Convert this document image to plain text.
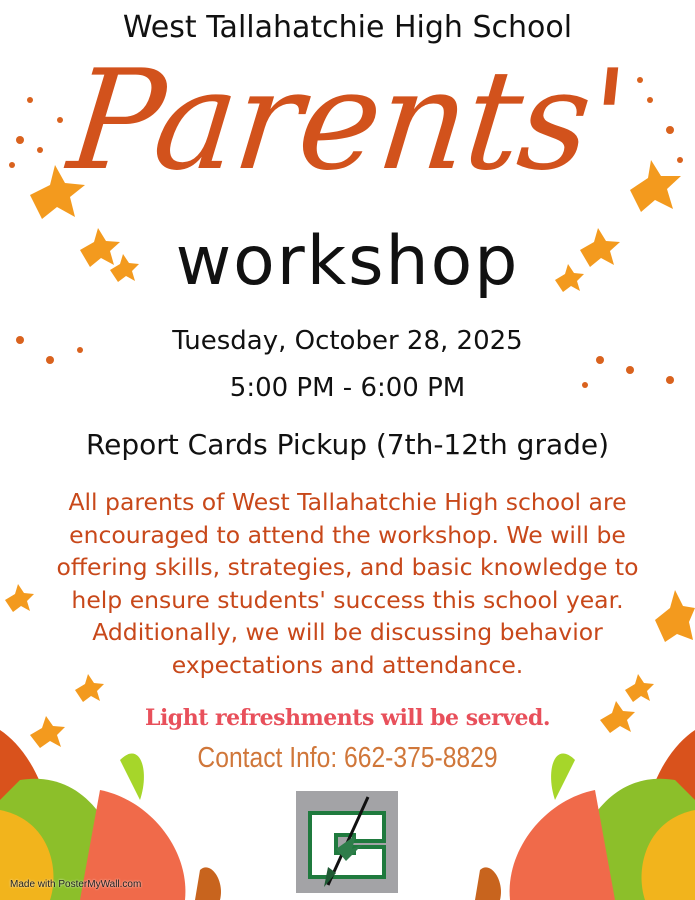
West Tallahatchie High School
Parents'
workshop
Tuesday, October 28, 2025
5:00 PM - 6:00 PM
Report Cards Pickup (7th-12th grade)
All parents of West Tallahatchie High school are
encouraged to attend the workshop. We will be
offering skills, strategies, and basic knowledge to
help ensure students' success this school year.
Additionally, we will be discussing behavior
expectations and attendance.
Light refreshments will be served.
Contact Info: 662-375-8829
Made with PosterMyWall.com
